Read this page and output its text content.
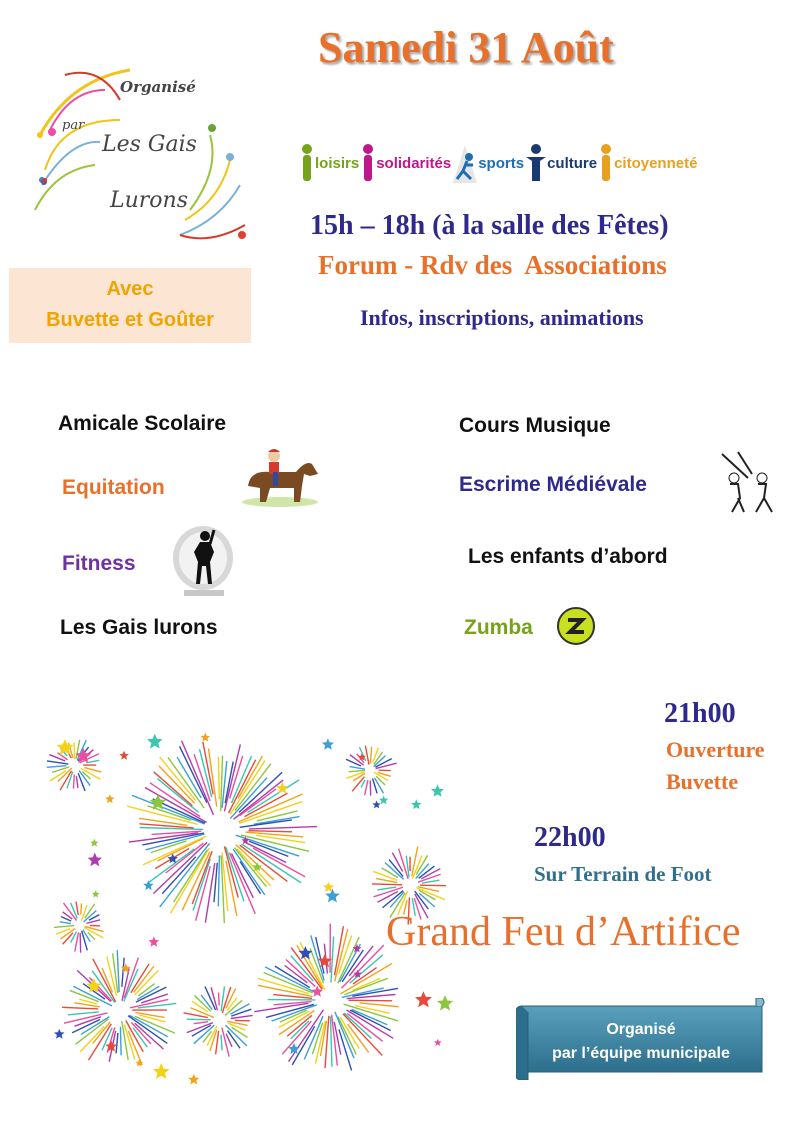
Samedi 31 Août
Organisé
par
Les Gais
Lurons
Avec
Buvette et Goûter
loisirs solidarités sports culture citoyenneté
15h – 18h (à la salle des Fêtes)
Forum - Rdv des  Associations
Infos, inscriptions, animations
Amicale Scolaire
Equitation
Fitness
Les Gais lurons
Cours Musique
Escrime Médiévale
Les enfants d’abord
Zumba
21h00
Ouverture
Buvette
22h00
Sur Terrain de Foot
Grand Feu d’Artifice
Organisé
par l’équipe municipale
